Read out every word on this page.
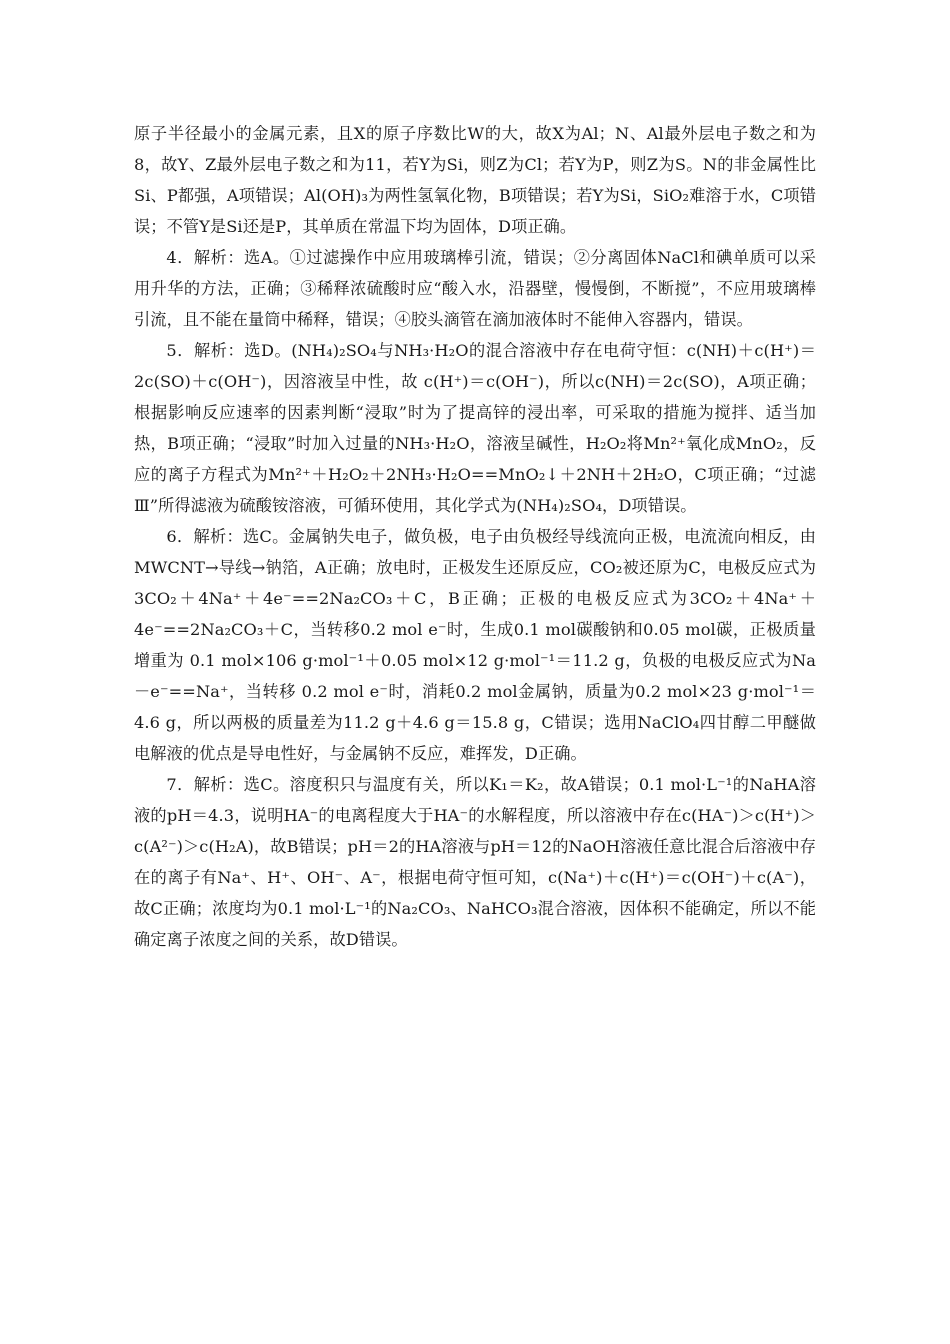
原子半径最小的金属元素，且X的原子序数比W的大，故X为Al；N、Al最外层电子数之和为8，故Y、Z最外层电子数之和为11，若Y为Si，则Z为Cl；若Y为P，则Z为S。N的非金属性比Si、P都强，A项错误；Al(OH)₃为两性氢氧化物，B项错误；若Y为Si，SiO₂难溶于水，C项错误；不管Y是Si还是P，其单质在常温下均为固体，D项正确。

4．解析：选A。①过滤操作中应用玻璃棒引流，错误；②分离固体NaCl和碘单质可以采用升华的方法，正确；③稀释浓硫酸时应“酸入水，沿器壁，慢慢倒，不断搅”，不应用玻璃棒引流，且不能在量筒中稀释，错误；④胶头滴管在滴加液体时不能伸入容器内，错误。

5．解析：选D。(NH₄)₂SO₄与NH₃·H₂O的混合溶液中存在电荷守恒：c(NH)＋c(H⁺)＝2c(SO)＋c(OH⁻)，因溶液呈中性，故 c(H⁺)＝c(OH⁻)，所以c(NH)＝2c(SO)，A项正确；根据影响反应速率的因素判断“浸取”时为了提高锌的浸出率，可采取的措施为搅拌、适当加热，B项正确；“浸取”时加入过量的NH₃·H₂O，溶液呈碱性，H₂O₂将Mn²⁺氧化成MnO₂，反应的离子方程式为Mn²⁺＋H₂O₂＋2NH₃·H₂O==MnO₂↓＋2NH＋2H₂O，C项正确；“过滤Ⅲ”所得滤液为硫酸铵溶液，可循环使用，其化学式为(NH₄)₂SO₄，D项错误。

6．解析：选C。金属钠失电子，做负极，电子由负极经导线流向正极，电流流向相反，由MWCNT→导线→钠箔，A正确；放电时，正极发生还原反应，CO₂被还原为C，电极反应式为3CO₂＋4Na⁺＋4e⁻==2Na₂CO₃＋C，B正确；正极的电极反应式为3CO₂＋4Na⁺＋4e⁻==2Na₂CO₃＋C，当转移0.2 mol e⁻时，生成0.1 mol碳酸钠和0.05 mol碳，正极质量增重为 0.1 mol×106 g·mol⁻¹＋0.05 mol×12 g·mol⁻¹＝11.2 g，负极的电极反应式为Na－e⁻==Na⁺，当转移 0.2 mol e⁻时，消耗0.2 mol金属钠，质量为0.2 mol×23 g·mol⁻¹＝4.6 g，所以两极的质量差为11.2 g＋4.6 g＝15.8 g，C错误；选用NaClO₄四甘醇二甲醚做电解液的优点是导电性好，与金属钠不反应，难挥发，D正确。

7．解析：选C。溶度积只与温度有关，所以K₁＝K₂，故A错误；0.1 mol·L⁻¹的NaHA溶液的pH＝4.3，说明HA⁻的电离程度大于HA⁻的水解程度，所以溶液中存在c(HA⁻)＞c(H⁺)＞c(A²⁻)＞c(H₂A)，故B错误；pH＝2的HA溶液与pH＝12的NaOH溶液任意比混合后溶液中存在的离子有Na⁺、H⁺、OH⁻、A⁻，根据电荷守恒可知，c(Na⁺)＋c(H⁺)＝c(OH⁻)＋c(A⁻)，故C正确；浓度均为0.1 mol·L⁻¹的Na₂CO₃、NaHCO₃混合溶液，因体积不能确定，所以不能确定离子浓度之间的关系，故D错误。
